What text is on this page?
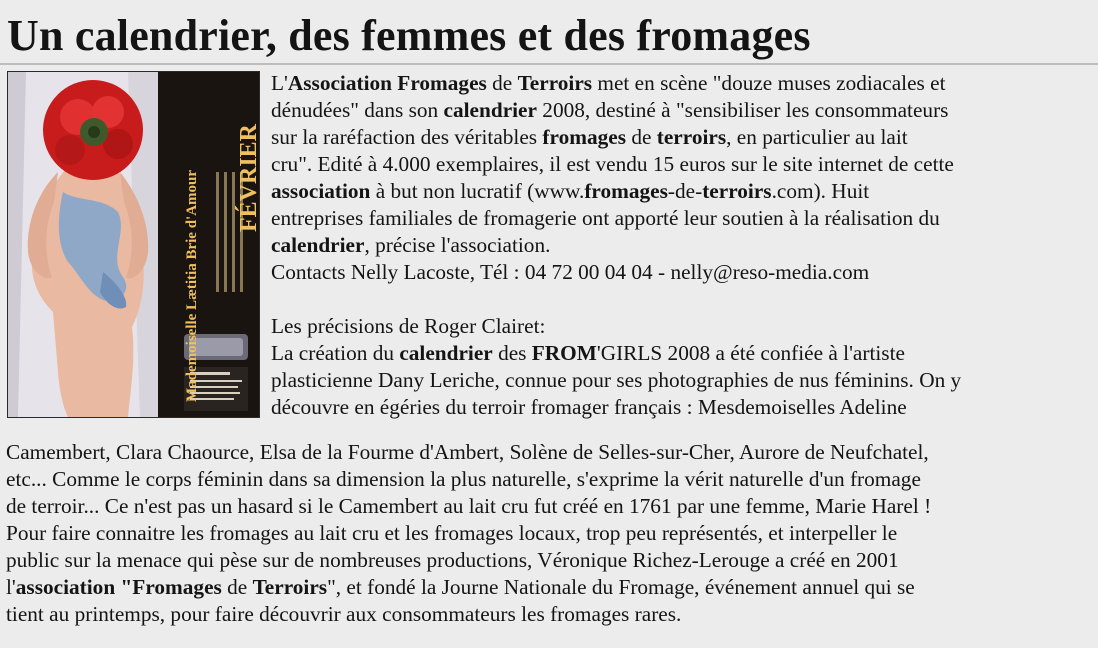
Un calendrier, des femmes et des fromages
Mademoiselle Lætitia Brie d'Amour FÉVRIER
L'Association Fromages de Terroirs met en scène "douze muses zodiacales et
dénudées" dans son calendrier 2008, destiné à "sensibiliser les consommateurs
sur la raréfaction des véritables fromages de terroirs, en particulier au lait
cru". Edité à 4.000 exemplaires, il est vendu 15 euros sur le site internet de cette
association à but non lucratif (www.fromages-de-terroirs.com). Huit
entreprises familiales de fromagerie ont apporté leur soutien à la réalisation du
calendrier, précise l'association.
Contacts Nelly Lacoste, Tél : 04 72 00 04 04 - nelly@reso-media.com
Les précisions de Roger Clairet:
La création du calendrier des FROM'GIRLS 2008 a été confiée à l'artiste
plasticienne Dany Leriche, connue pour ses photographies de nus féminins. On y
découvre en égéries du terroir fromager français : Mesdemoiselles Adeline
Camembert, Clara Chaource, Elsa de la Fourme d'Ambert, Solène de Selles-sur-Cher, Aurore de Neufchatel,
etc... Comme le corps féminin dans sa dimension la plus naturelle, s'exprime la vérit naturelle d'un fromage
de terroir... Ce n'est pas un hasard si le Camembert au lait cru fut créé en 1761 par une femme, Marie Harel !
Pour faire connaitre les fromages au lait cru et les fromages locaux, trop peu représentés, et interpeller le
public sur la menace qui pèse sur de nombreuses productions, Véronique Richez-Lerouge a créé en 2001
l'association "Fromages de Terroirs", et fondé la Journe Nationale du Fromage, événement annuel qui se
tient au printemps, pour faire découvrir aux consommateurs les fromages rares.
